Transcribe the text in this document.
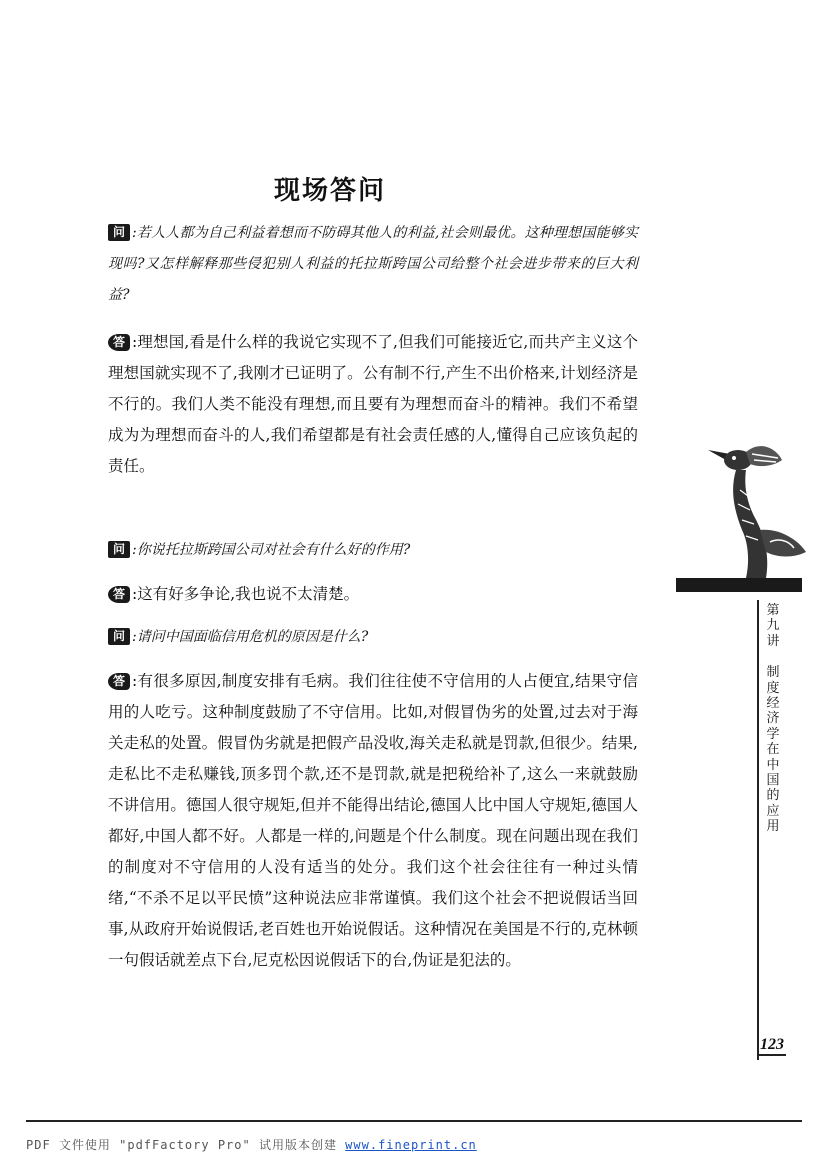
现场答问

问 :若人人都为自己利益着想而不防碍其他人的利益,社会则最优。这种理想国能够实现吗?又怎样解释那些侵犯别人利益的托拉斯跨国公司给整个社会进步带来的巨大利益?

答 :理想国,看是什么样的我说它实现不了,但我们可能接近它,而共产主义这个理想国就实现不了,我刚才已证明了。公有制不行,产生不出价格来,计划经济是不行的。我们人类不能没有理想,而且要有为理想而奋斗的精神。我们不希望成为为理想而奋斗的人,我们希望都是有社会责任感的人,懂得自己应该负起的责任。

问 :你说托拉斯跨国公司对社会有什么好的作用?

答 :这有好多争论,我也说不太清楚。

问 :请问中国面临信用危机的原因是什么?

答 :有很多原因,制度安排有毛病。我们往往使不守信用的人占便宜,结果守信用的人吃亏。这种制度鼓励了不守信用。比如,对假冒伪劣的处置,过去对于海关走私的处置。假冒伪劣就是把假产品没收,海关走私就是罚款,但很少。结果,走私比不走私赚钱,顶多罚个款,还不是罚款,就是把税给补了,这么一来就鼓励不讲信用。德国人很守规矩,但并不能得出结论,德国人比中国人守规矩,德国人都好,中国人都不好。人都是一样的,问题是个什么制度。现在问题出现在我们的制度对不守信用的人没有适当的处分。我们这个社会往往有一种过头情绪,“不杀不足以平民愤”这种说法应非常谨慎。我们这个社会不把说假话当回事,从政府开始说假话,老百姓也开始说假话。这种情况在美国是不行的,克林顿一句假话就差点下台,尼克松因说假话下的台,伪证是犯法的。

第九讲
制度经济学在中国的应用
123
PDF 文件使用 "pdfFactory Pro" 试用版本创建 www.fineprint.cn
